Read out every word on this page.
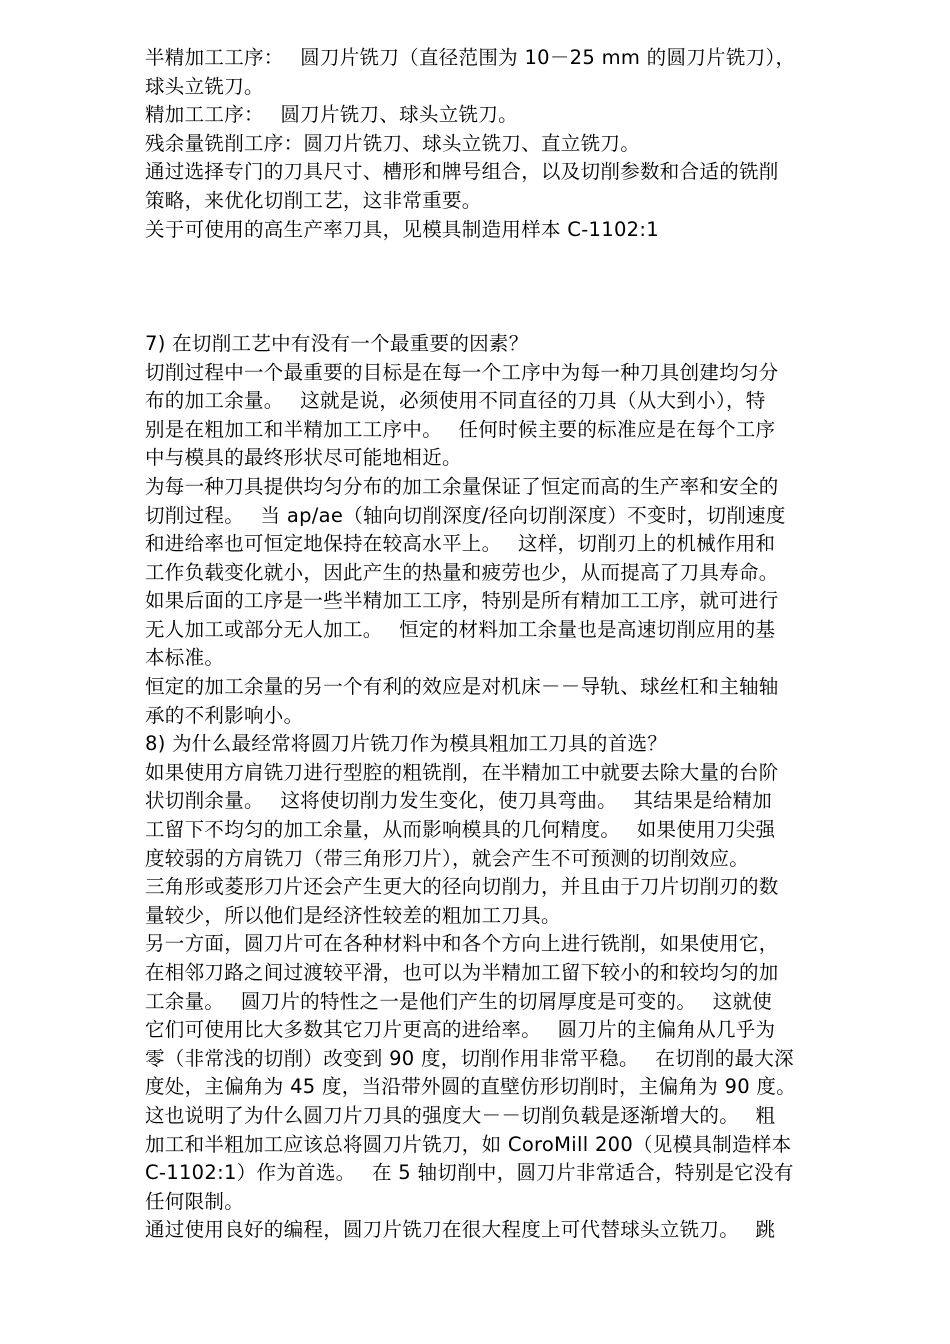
半精加工工序：　 圆刀片铣刀（直径范围为 10－25 mm 的圆刀片铣刀），
球头立铣刀。
精加工工序：　 圆刀片铣刀、球头立铣刀。
残余量铣削工序：圆刀片铣刀、球头立铣刀、直立铣刀。
通过选择专门的刀具尺寸、槽形和牌号组合，以及切削参数和合适的铣削
策略，来优化切削工艺，这非常重要。
关于可使用的高生产率刀具，见模具制造用样本 C-1102:1
7) 在切削工艺中有没有一个最重要的因素？
切削过程中一个最重要的目标是在每一个工序中为每一种刀具创建均匀分
布的加工余量。　 这就是说，必须使用不同直径的刀具（从大到小），特
别是在粗加工和半精加工工序中。　 任何时候主要的标准应是在每个工序
中与模具的最终形状尽可能地相近。
为每一种刀具提供均匀分布的加工余量保证了恒定而高的生产率和安全的
切削过程。　 当 ap/ae（轴向切削深度/径向切削深度）不变时，切削速度
和进给率也可恒定地保持在较高水平上。　 这样，切削刃上的机械作用和
工作负载变化就小，因此产生的热量和疲劳也少，从而提高了刀具寿命。
如果后面的工序是一些半精加工工序，特别是所有精加工工序，就可进行
无人加工或部分无人加工。　 恒定的材料加工余量也是高速切削应用的基
本标准。
恒定的加工余量的另一个有利的效应是对机床－－导轨、球丝杠和主轴轴
承的不利影响小。
8) 为什么最经常将圆刀片铣刀作为模具粗加工刀具的首选？
如果使用方肩铣刀进行型腔的粗铣削，在半精加工中就要去除大量的台阶
状切削余量。　 这将使切削力发生变化，使刀具弯曲。　 其结果是给精加
工留下不均匀的加工余量，从而影响模具的几何精度。　 如果使用刀尖强
度较弱的方肩铣刀（带三角形刀片），就会产生不可预测的切削效应。
三角形或菱形刀片还会产生更大的径向切削力，并且由于刀片切削刃的数
量较少，所以他们是经济性较差的粗加工刀具。
另一方面，圆刀片可在各种材料中和各个方向上进行铣削，如果使用它，
在相邻刀路之间过渡较平滑，也可以为半精加工留下较小的和较均匀的加
工余量。　 圆刀片的特性之一是他们产生的切屑厚度是可变的。　 这就使
它们可使用比大多数其它刀片更高的进给率。　 圆刀片的主偏角从几乎为
零（非常浅的切削）改变到 90 度，切削作用非常平稳。　 在切削的最大深
度处，主偏角为 45 度，当沿带外圆的直壁仿形切削时，主偏角为 90 度。
这也说明了为什么圆刀片刀具的强度大－－切削负载是逐渐增大的。　 粗
加工和半粗加工应该总将圆刀片铣刀，如 CoroMill 200（见模具制造样本
C-1102:1）作为首选。　 在 5 轴切削中，圆刀片非常适合，特别是它没有
任何限制。
通过使用良好的编程，圆刀片铣刀在很大程度上可代替球头立铣刀。　 跳
